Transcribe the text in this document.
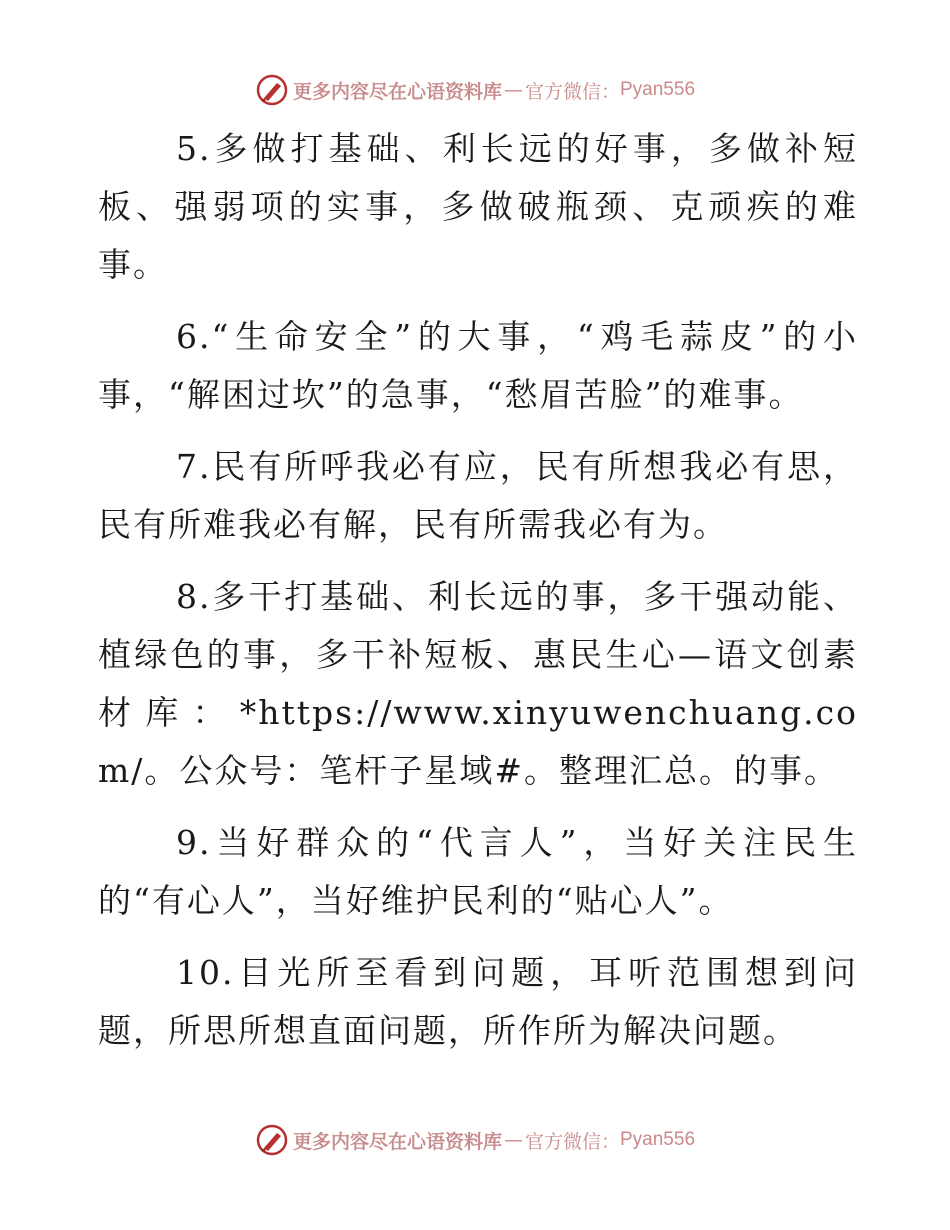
更多内容尽在心语资料库 — 官方微信： Pyan556

5.多做打基础、利长远的好事，多做补短板、强弱项的实事，多做破瓶颈、克顽疾的难事。

6.“生命安全”的大事，“鸡毛蒜皮”的小事，“解困过坎”的急事，“愁眉苦脸”的难事。

7.民有所呼我必有应，民有所想我必有思，民有所难我必有解，民有所需我必有为。

8.多干打基础、利长远的事，多干强动能、植绿色的事，多干补短板、惠民生心—语文创素材库：*https://www.xinyuwenchuang.com/。公众号：笔杆子星域#。整理汇总。的事。

9.当好群众的“代言人”，当好关注民生的“有心人”，当好维护民利的“贴心人”。

10.目光所至看到问题，耳听范围想到问题，所思所想直面问题，所作所为解决问题。

更多内容尽在心语资料库 — 官方微信： Pyan556
